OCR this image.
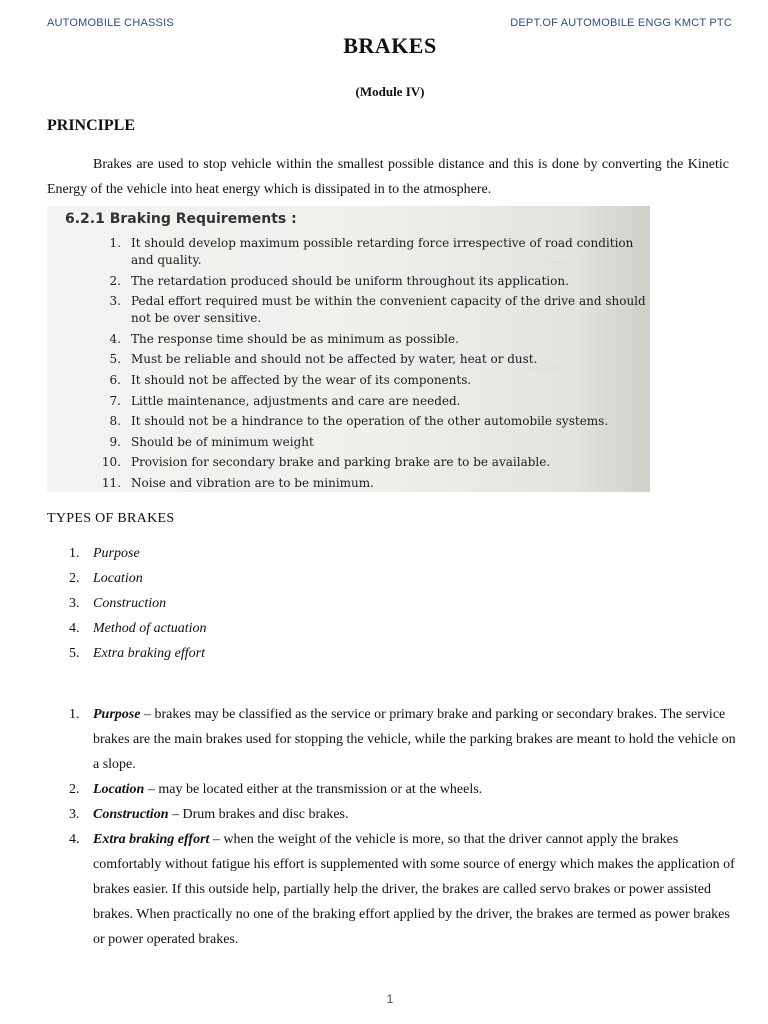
AUTOMOBILE CHASSIS	DEPT.OF AUTOMOBILE ENGG KMCT PTC
BRAKES
(Module IV)
PRINCIPLE
Brakes are used to stop vehicle within the smallest possible distance and this is done by converting the Kinetic Energy of the vehicle into heat energy which is dissipated in to the atmosphere.
.....
........
6.2.1 Braking Requirements :
1. It should develop maximum possible retarding force irrespective of road condition and quality.
2. The retardation produced should be uniform throughout its application.
3. Pedal effort required must be within the convenient capacity of the drive and should not be over sensitive.
4. The response time should be as minimum as possible.
5. Must be reliable and should not be affected by water, heat or dust.
6. It should not be affected by the wear of its components.
7. Little maintenance, adjustments and care are needed.
8. It should not be a hindrance to the operation of the other automobile systems.
9. Should be of minimum weight
10. Provision for secondary brake and parking brake are to be available.
11. Noise and vibration are to be minimum.
TYPES OF BRAKES
1. Purpose
2. Location
3. Construction
4. Method of actuation
5. Extra braking effort
1. Purpose – brakes may be classified as the service or primary brake and parking or secondary brakes. The service brakes are the main brakes used for stopping the vehicle, while the parking brakes are meant to hold the vehicle on a slope.
2. Location – may be located either at the transmission or at the wheels.
3. Construction – Drum brakes and disc brakes.
4. Extra braking effort – when the weight of the vehicle is more, so that the driver cannot apply the brakes comfortably without fatigue his effort is supplemented with some source of energy which makes the application of brakes easier. If this outside help, partially help the driver, the brakes are called servo brakes or power assisted brakes. When practically no one of the braking effort applied by the driver, the brakes are termed as power brakes or power operated brakes.
1
